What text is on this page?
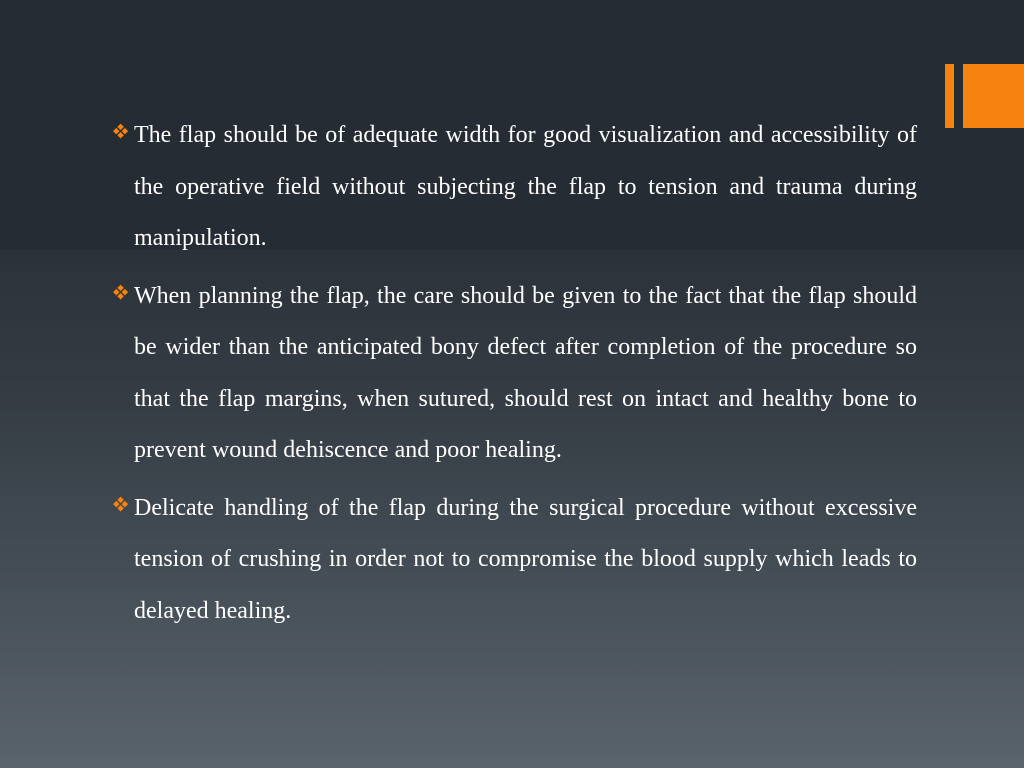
The flap should be of adequate width for good visualization and accessibility of the operative field without subjecting the flap to tension and trauma during manipulation.
When planning the flap, the care should be given to the fact that the flap should be wider than the anticipated bony defect after completion of the procedure so that the flap margins, when sutured, should rest on intact and healthy bone to prevent wound dehiscence and poor healing.
Delicate handling of the flap during the surgical procedure without excessive tension of crushing in order not to compromise the blood supply which leads to delayed healing.
